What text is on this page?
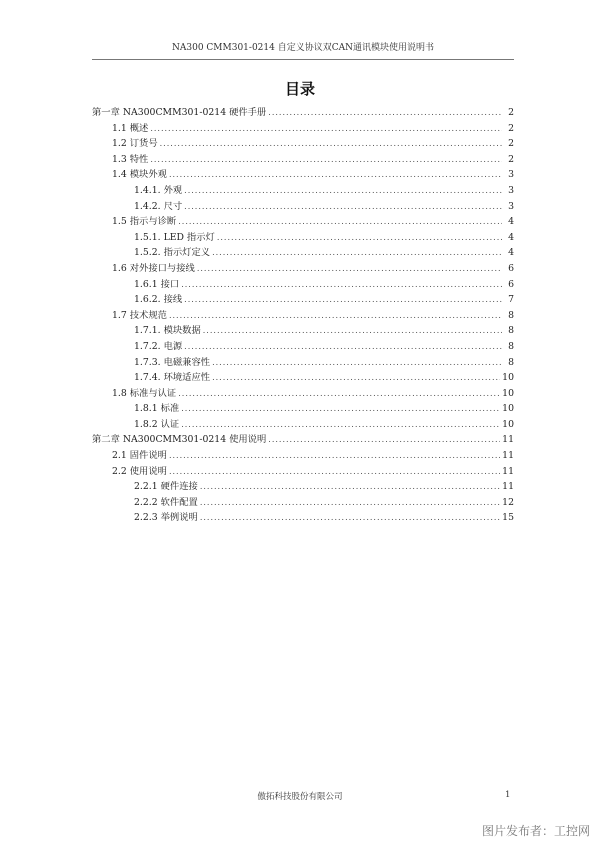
NA300 CMM301-0214 自定义协议双CAN通讯模块使用说明书
目录
第一章 NA300CMM301-0214 硬件手册 .....	2
1.1 概述 .....	2
1.2 订货号 .....	2
1.3 特性 .....	2
1.4 模块外观 .....	3
1.4.1. 外观 .....	3
1.4.2. 尺寸 .....	3
1.5 指示与诊断 .....	4
1.5.1. LED 指示灯 .....	4
1.5.2. 指示灯定义 .....	4
1.6 对外接口与接线 .....	6
1.6.1 接口 .....	6
1.6.2. 接线 .....	7
1.7 技术规范 .....	8
1.7.1. 模块数据 .....	8
1.7.2. 电源 .....	8
1.7.3. 电磁兼容性 .....	8
1.7.4. 环境适应性 .....	10
1.8 标准与认证 .....	10
1.8.1 标准 .....	10
1.8.2 认证 .....	10
第二章 NA300CMM301-0214 使用说明 .....	11
2.1 固件说明 .....	11
2.2 使用说明 .....	11
2.2.1 硬件连接 .....	11
2.2.2 软件配置 .....	12
2.2.3 举例说明 .....	15
傲拓科技股份有限公司	1
图片发布者：工控网
